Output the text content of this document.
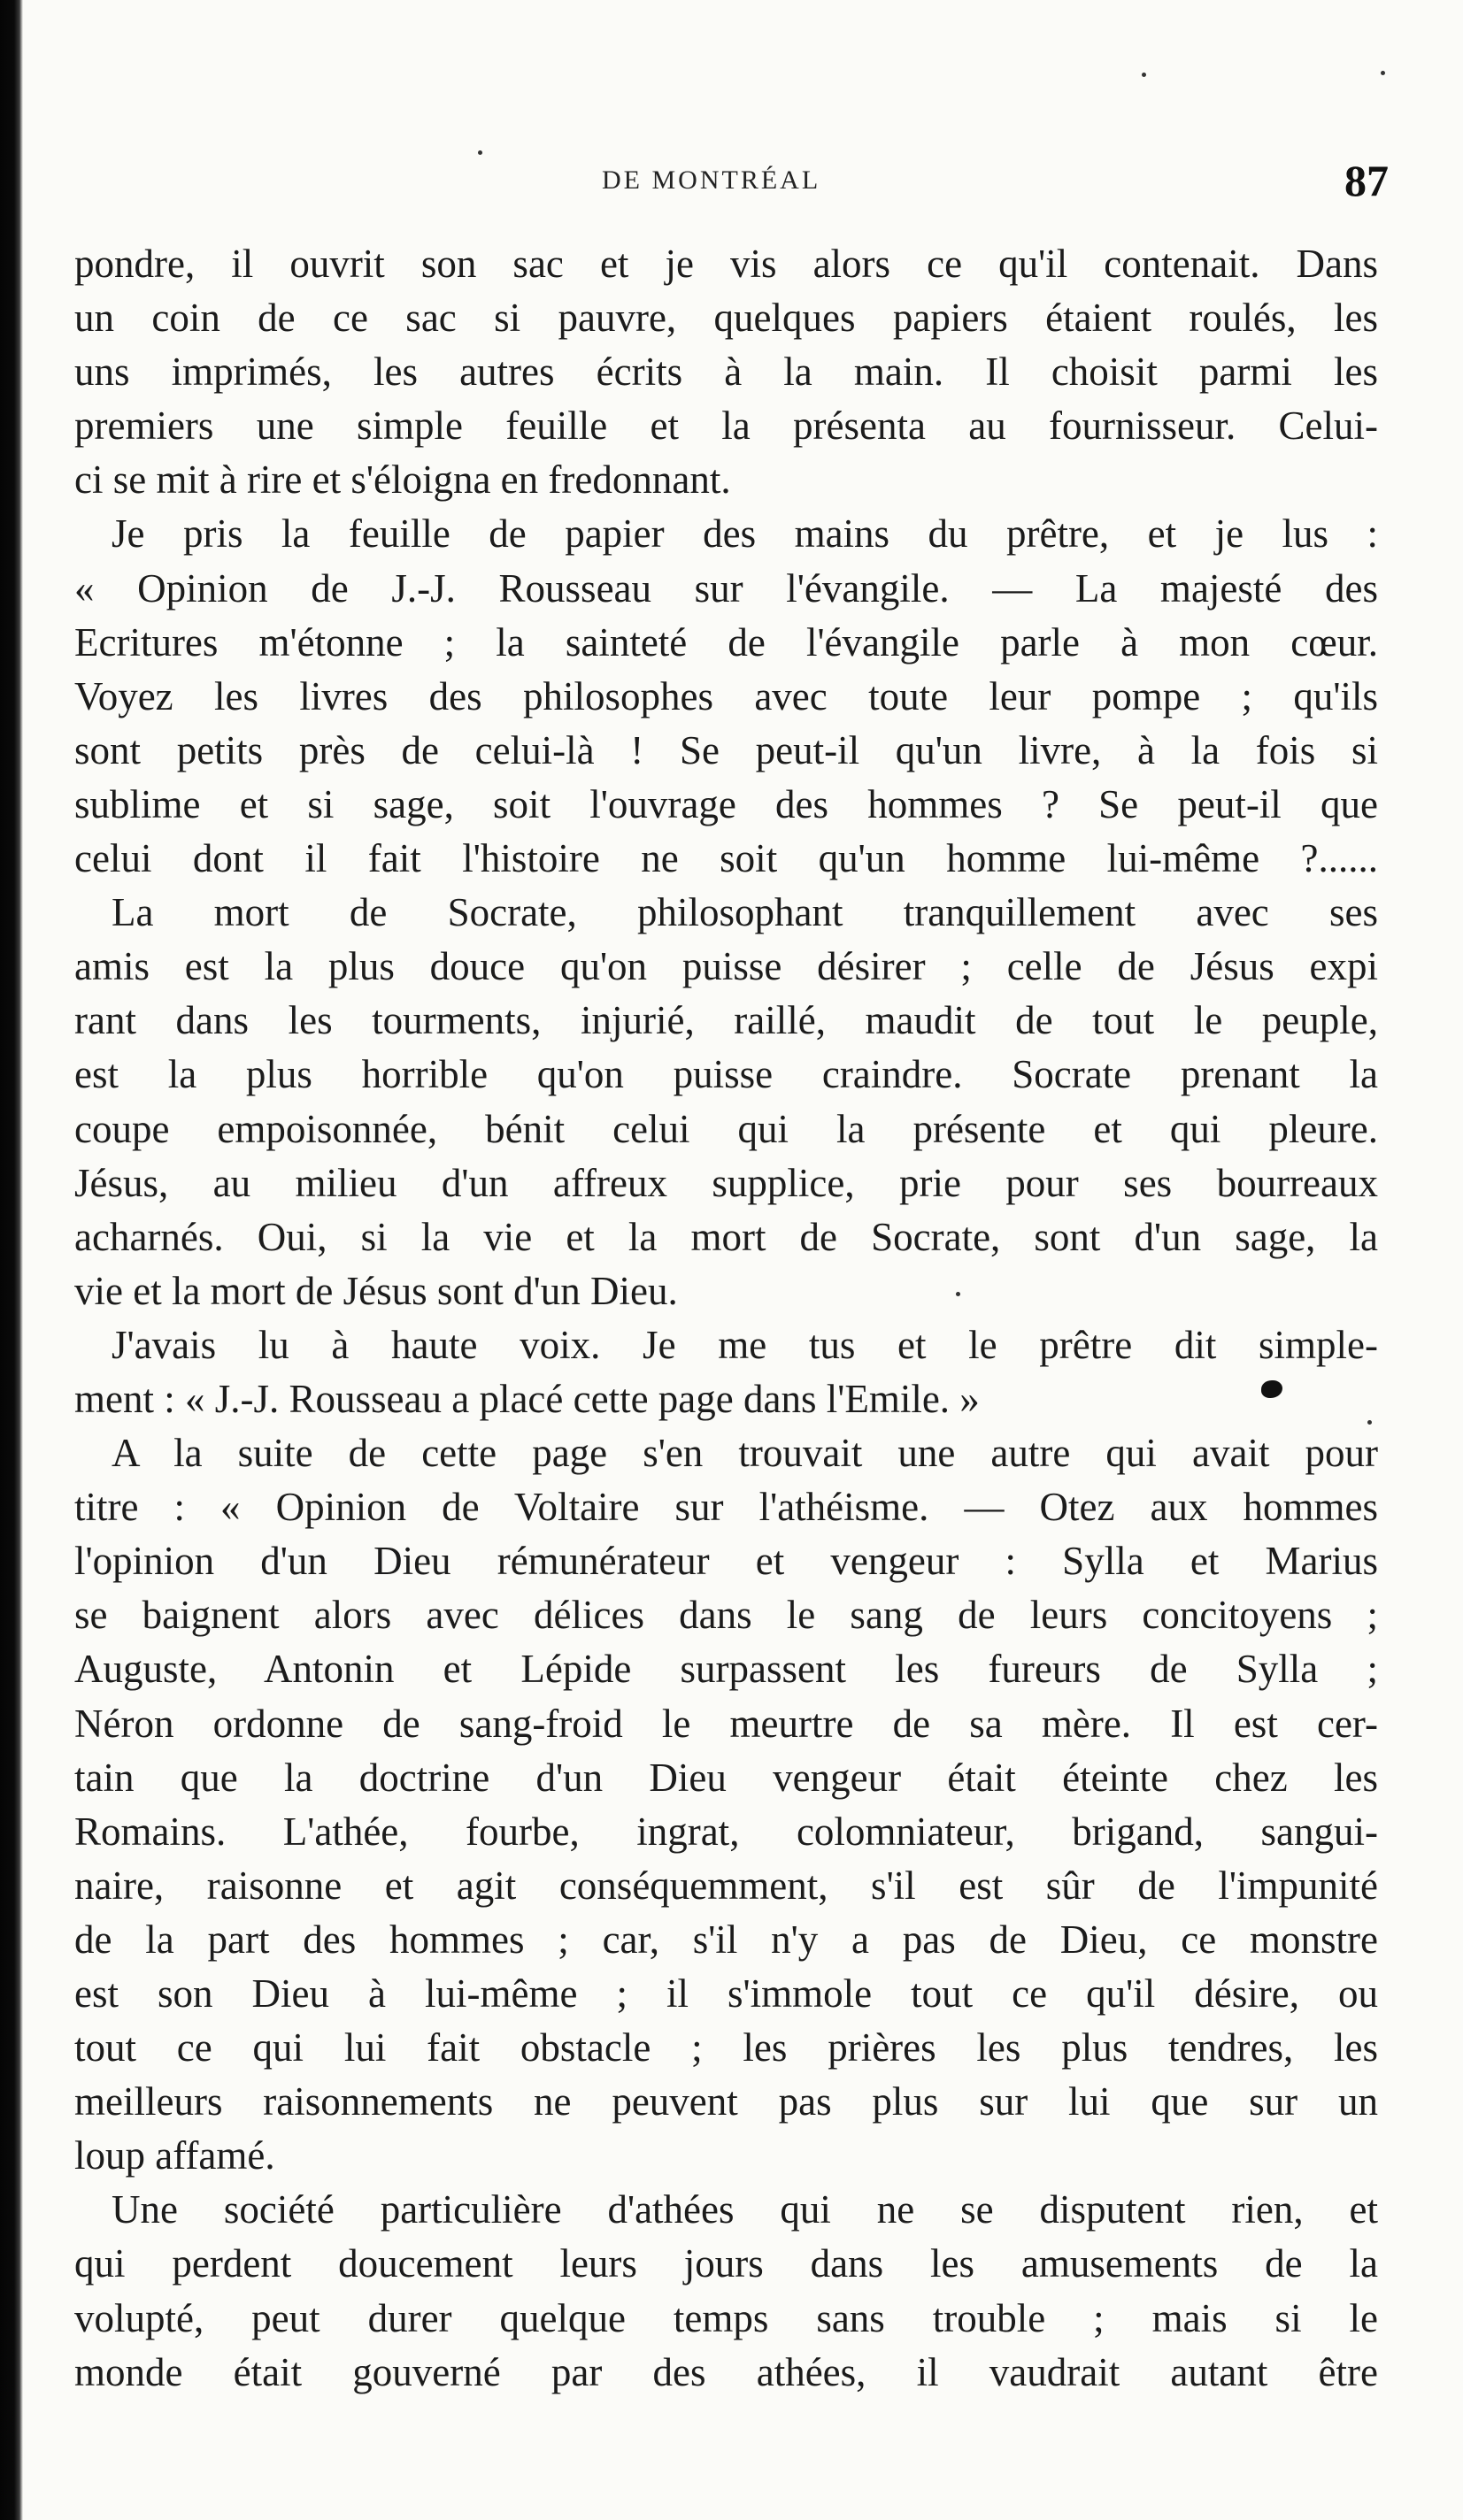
DE MONTRÉAL	87
pondre, il ouvrit son sac et je vis alors ce qu'il contenait. Dans
un coin de ce sac si pauvre, quelques papiers étaient roulés, les
uns imprimés, les autres écrits à la main. Il choisit parmi les
premiers une simple feuille et la présenta au fournisseur. Celui-
ci se mit à rire et s'éloigna en fredonnant.
Je pris la feuille de papier des mains du prêtre, et je lus :
« Opinion de J.-J. Rousseau sur l'évangile. — La majesté des
Ecritures m'étonne ; la sainteté de l'évangile parle à mon cœur.
Voyez les livres des philosophes avec toute leur pompe ; qu'ils
sont petits près de celui-là ! Se peut-il qu'un livre, à la fois si
sublime et si sage, soit l'ouvrage des hommes ? Se peut-il que
celui dont il fait l'histoire ne soit qu'un homme lui-même ?......
La mort de Socrate, philosophant tranquillement avec ses
amis est la plus douce qu'on puisse désirer ; celle de Jésus expi
rant dans les tourments, injurié, raillé, maudit de tout le peuple,
est la plus horrible qu'on puisse craindre. Socrate prenant la
coupe empoisonnée, bénit celui qui la présente et qui pleure.
Jésus, au milieu d'un affreux supplice, prie pour ses bourreaux
acharnés. Oui, si la vie et la mort de Socrate, sont d'un sage, la
vie et la mort de Jésus sont d'un Dieu.
J'avais lu à haute voix. Je me tus et le prêtre dit simple-
ment : « J.-J. Rousseau a placé cette page dans l'Emile. »
A la suite de cette page s'en trouvait une autre qui avait pour
titre : « Opinion de Voltaire sur l'athéisme. — Otez aux hommes
l'opinion d'un Dieu rémunérateur et vengeur : Sylla et Marius
se baignent alors avec délices dans le sang de leurs concitoyens ;
Auguste, Antonin et Lépide surpassent les fureurs de Sylla ;
Néron ordonne de sang-froid le meurtre de sa mère. Il est cer-
tain que la doctrine d'un Dieu vengeur était éteinte chez les
Romains. L'athée, fourbe, ingrat, colomniateur, brigand, sangui-
naire, raisonne et agit conséquemment, s'il est sûr de l'impunité
de la part des hommes ; car, s'il n'y a pas de Dieu, ce monstre
est son Dieu à lui-même ; il s'immole tout ce qu'il désire, ou
tout ce qui lui fait obstacle ; les prières les plus tendres, les
meilleurs raisonnements ne peuvent pas plus sur lui que sur un
loup affamé.
Une société particulière d'athées qui ne se disputent rien, et
qui perdent doucement leurs jours dans les amusements de la
volupté, peut durer quelque temps sans trouble ; mais si le
monde était gouverné par des athées, il vaudrait autant être
